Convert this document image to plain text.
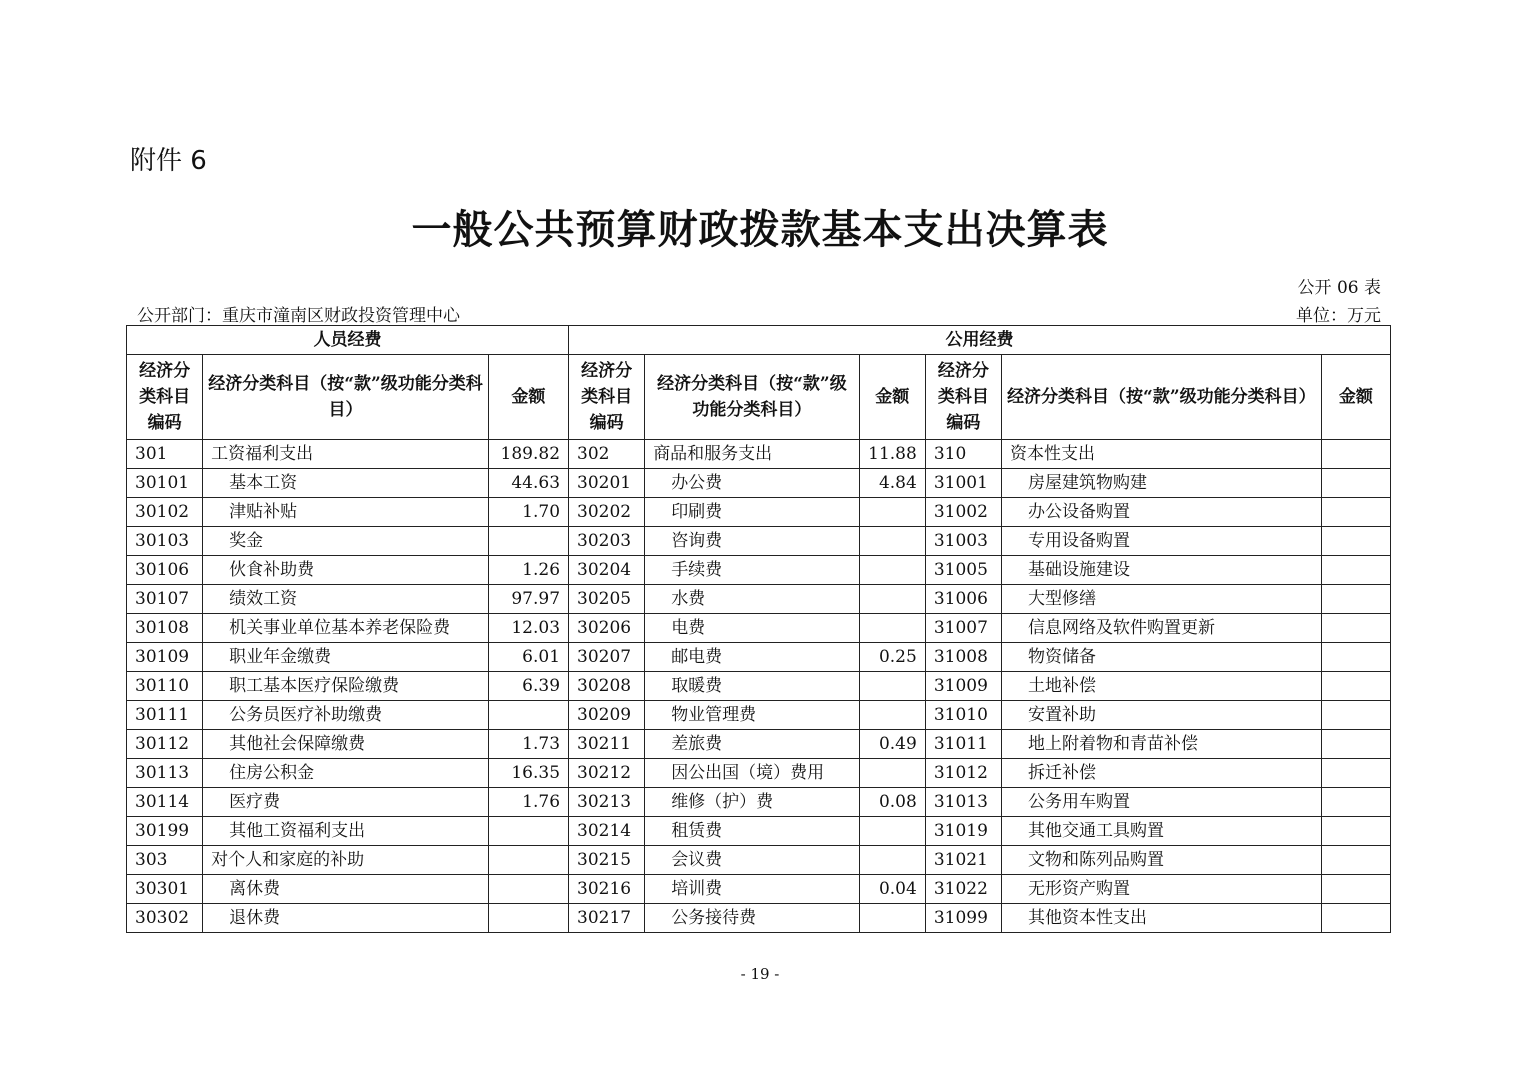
附件 6
一般公共预算财政拨款基本支出决算表
公开 06 表
公开部门：重庆市潼南区财政投资管理中心	单位：万元
人员经费			公用经费					
经济分类科目编码	经济分类科目（按“款”级功能分类科目）	金额	经济分类科目编码	经济分类科目（按“款”级功能分类科目）	金额	经济分类科目编码	经济分类科目（按“款”级功能分类科目）	金额
301	工资福利支出	189.82	302	商品和服务支出	11.88	310	资本性支出	
30101	基本工资	44.63	30201	办公费	4.84	31001	房屋建筑物购建	
30102	津贴补贴	1.70	30202	印刷费		31002	办公设备购置	
30103	奖金		30203	咨询费		31003	专用设备购置	
30106	伙食补助费	1.26	30204	手续费		31005	基础设施建设	
30107	绩效工资	97.97	30205	水费		31006	大型修缮	
30108	机关事业单位基本养老保险费	12.03	30206	电费		31007	信息网络及软件购置更新	
30109	职业年金缴费	6.01	30207	邮电费	0.25	31008	物资储备	
30110	职工基本医疗保险缴费	6.39	30208	取暖费		31009	土地补偿	
30111	公务员医疗补助缴费		30209	物业管理费		31010	安置补助	
30112	其他社会保障缴费	1.73	30211	差旅费	0.49	31011	地上附着物和青苗补偿	
30113	住房公积金	16.35	30212	因公出国（境）费用		31012	拆迁补偿	
30114	医疗费	1.76	30213	维修（护）费	0.08	31013	公务用车购置	
30199	其他工资福利支出		30214	租赁费		31019	其他交通工具购置	
303	对个人和家庭的补助		30215	会议费		31021	文物和陈列品购置	
30301	离休费		30216	培训费	0.04	31022	无形资产购置	
30302	退休费		30217	公务接待费		31099	其他资本性支出	
- 19 -
